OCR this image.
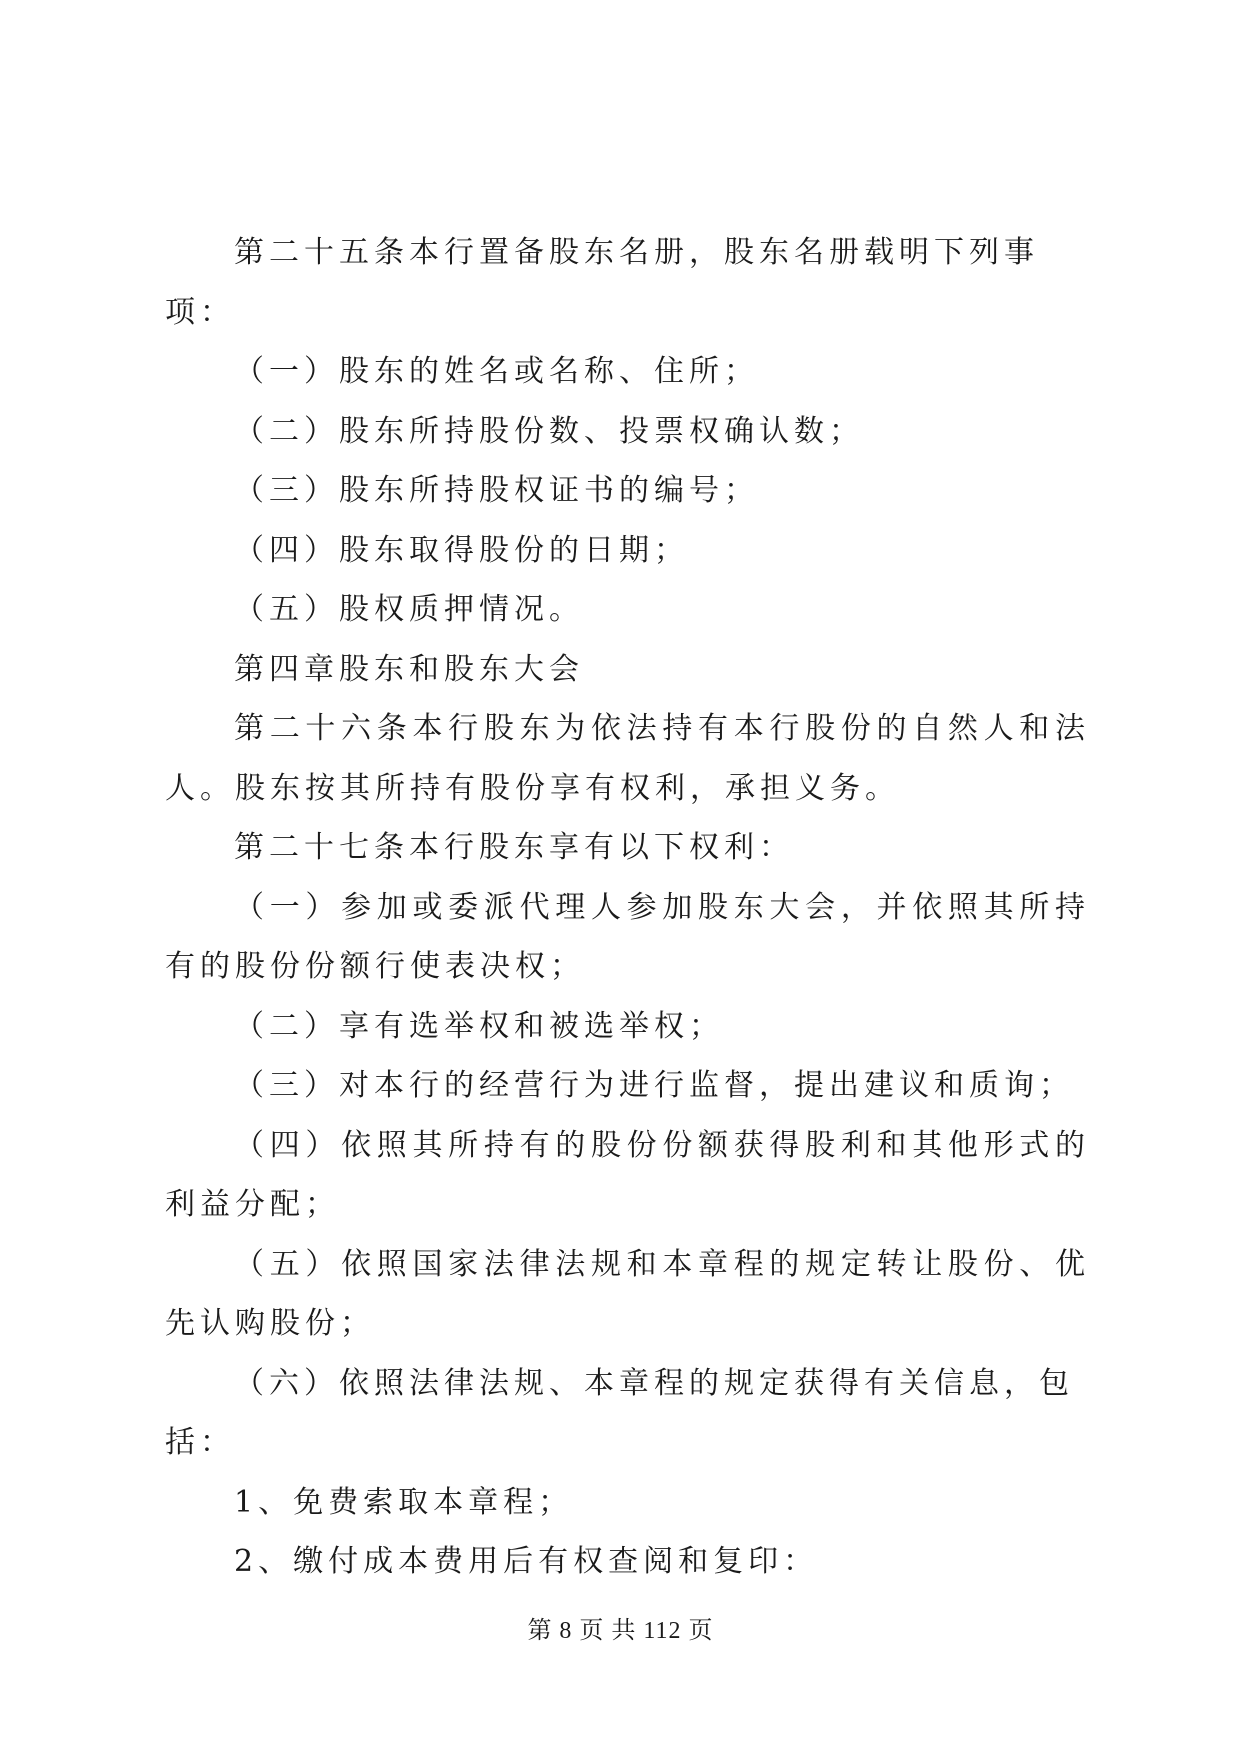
第二十五条本行置备股东名册，股东名册载明下列事项：

（一）股东的姓名或名称、住所；

（二）股东所持股份数、投票权确认数；

（三）股东所持股权证书的编号；

（四）股东取得股份的日期；

（五）股权质押情况。

第四章股东和股东大会

第二十六条本行股东为依法持有本行股份的自然人和法人。股东按其所持有股份享有权利，承担义务。

第二十七条本行股东享有以下权利：

（一）参加或委派代理人参加股东大会，并依照其所持有的股份份额行使表决权；

（二）享有选举权和被选举权；

（三）对本行的经营行为进行监督，提出建议和质询；

（四）依照其所持有的股份份额获得股利和其他形式的利益分配；

（五）依照国家法律法规和本章程的规定转让股份、优先认购股份；

（六）依照法律法规、本章程的规定获得有关信息，包括：

1、免费索取本章程；

2、缴付成本费用后有权查阅和复印：

第 8 页 共 112 页
